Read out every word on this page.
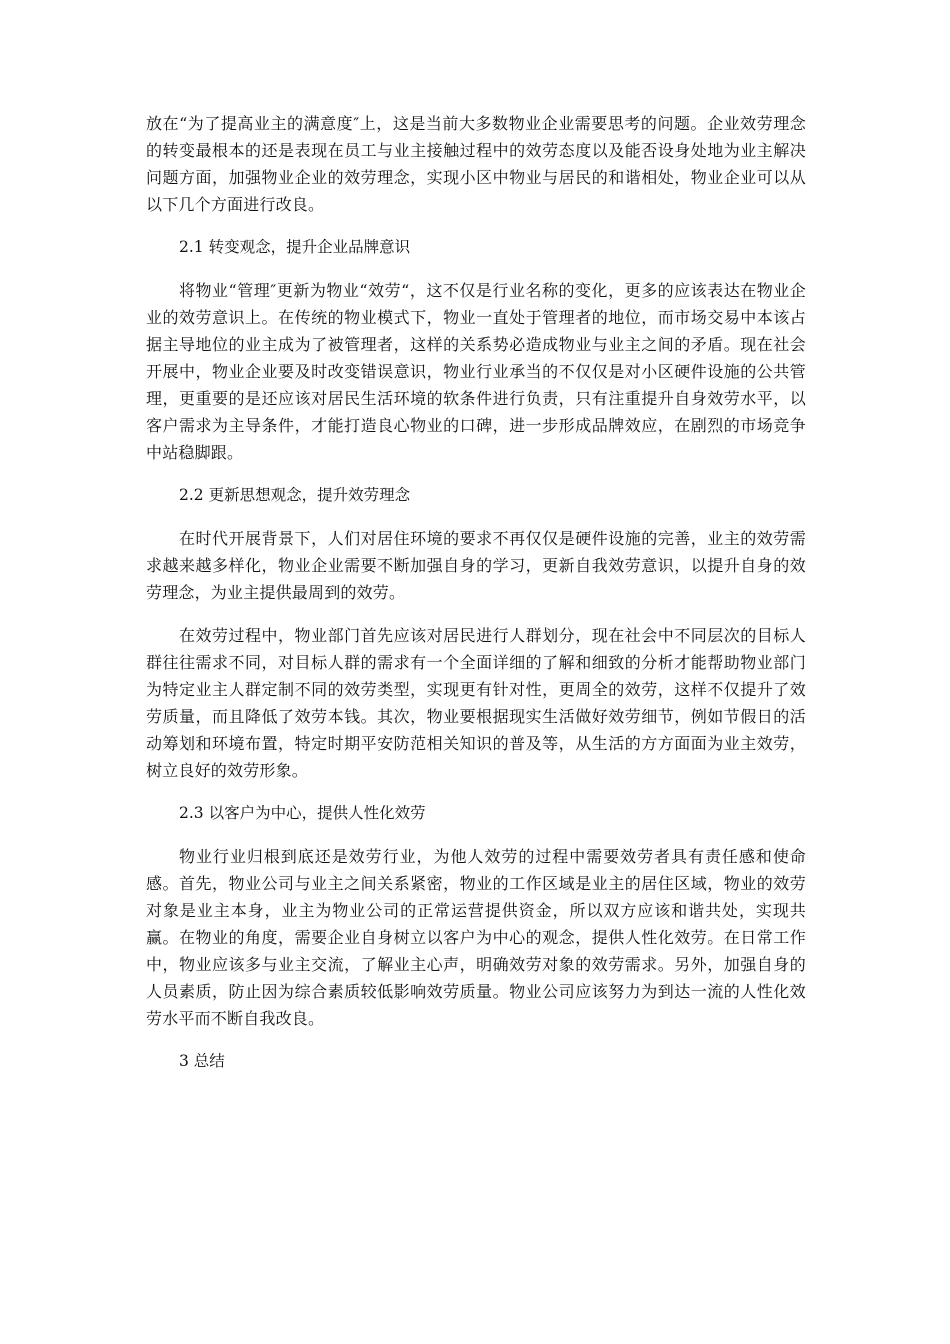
放在“为了提高业主的满意度″上，这是当前大多数物业企业需要思考的问题。企业效劳理念的转变最根本的还是表现在员工与业主接触过程中的效劳态度以及能否设身处地为业主解决问题方面，加强物业企业的效劳理念，实现小区中物业与居民的和谐相处，物业企业可以从以下几个方面进行改良。

2.1 转变观念，提升企业品牌意识

将物业“管理″更新为物业“效劳“，这不仅是行业名称的变化，更多的应该表达在物业企业的效劳意识上。在传统的物业模式下，物业一直处于管理者的地位，而市场交易中本该占据主导地位的业主成为了被管理者，这样的关系势必造成物业与业主之间的矛盾。现在社会开展中，物业企业要及时改变错误意识，物业行业承当的不仅仅是对小区硬件设施的公共管理，更重要的是还应该对居民生活环境的软条件进行负责，只有注重提升自身效劳水平，以客户需求为主导条件，才能打造良心物业的口碑，进一步形成品牌效应，在剧烈的市场竞争中站稳脚跟。

2.2 更新思想观念，提升效劳理念

在时代开展背景下，人们对居住环境的要求不再仅仅是硬件设施的完善，业主的效劳需求越来越多样化，物业企业需要不断加强自身的学习，更新自我效劳意识，以提升自身的效劳理念，为业主提供最周到的效劳。

在效劳过程中，物业部门首先应该对居民进行人群划分，现在社会中不同层次的目标人群往往需求不同，对目标人群的需求有一个全面详细的了解和细致的分析才能帮助物业部门为特定业主人群定制不同的效劳类型，实现更有针对性，更周全的效劳，这样不仅提升了效劳质量，而且降低了效劳本钱。其次，物业要根据现实生活做好效劳细节，例如节假日的活动筹划和环境布置，特定时期平安防范相关知识的普及等，从生活的方方面面为业主效劳，树立良好的效劳形象。

2.3 以客户为中心，提供人性化效劳

物业行业归根到底还是效劳行业，为他人效劳的过程中需要效劳者具有责任感和使命感。首先，物业公司与业主之间关系紧密，物业的工作区域是业主的居住区域，物业的效劳对象是业主本身，业主为物业公司的正常运营提供资金，所以双方应该和谐共处，实现共赢。在物业的角度，需要企业自身树立以客户为中心的观念，提供人性化效劳。在日常工作中，物业应该多与业主交流，了解业主心声，明确效劳对象的效劳需求。另外，加强自身的人员素质，防止因为综合素质较低影响效劳质量。物业公司应该努力为到达一流的人性化效劳水平而不断自我改良。

3 总结
